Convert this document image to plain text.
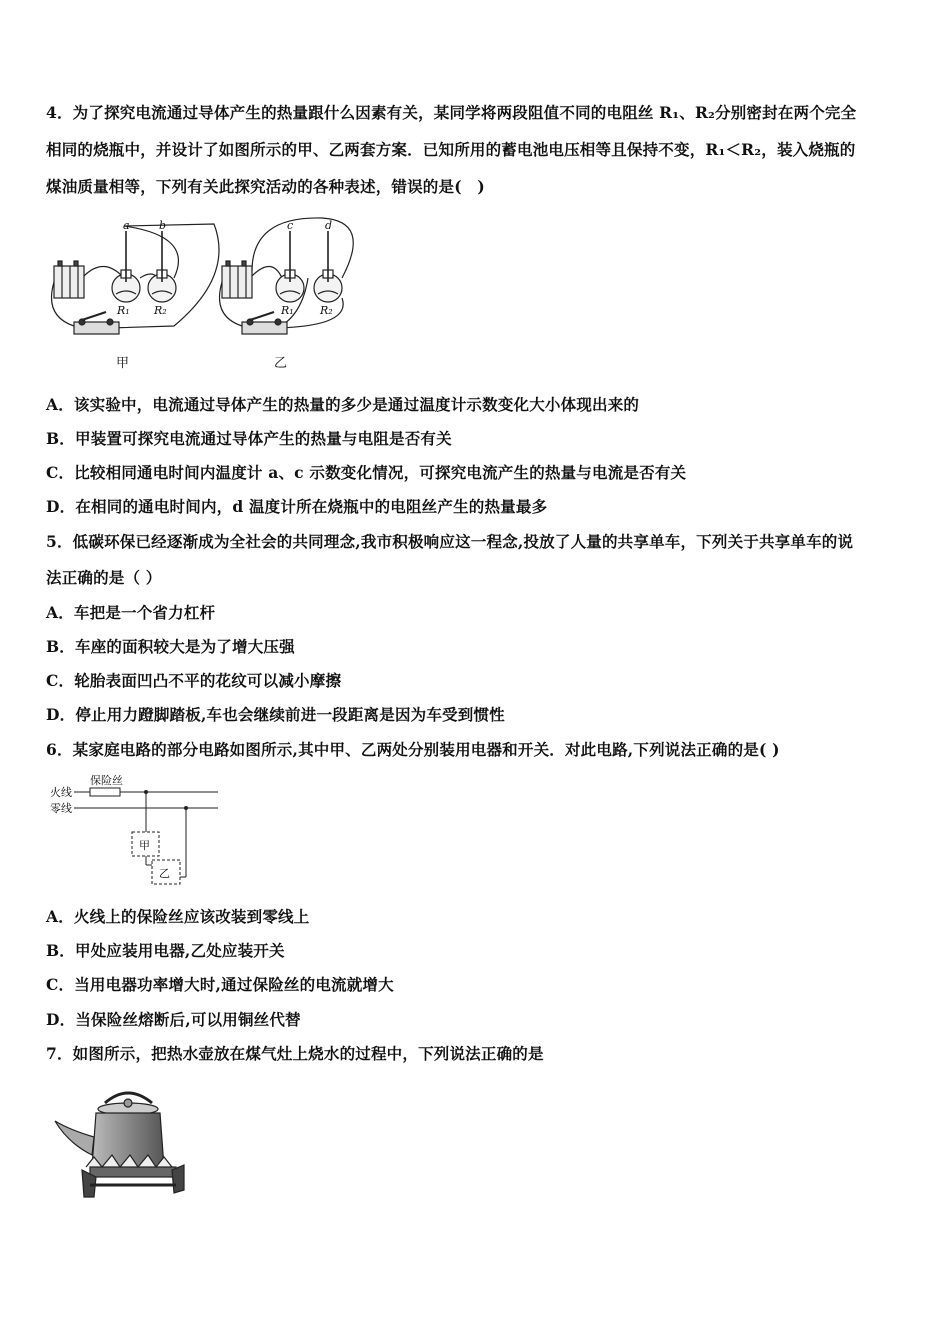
4．为了探究电流通过导体产生的热量跟什么因素有关，某同学将两段阻值不同的电阻丝 R₁、R₂分别密封在两个完全
相同的烧瓶中，并设计了如图所示的甲、乙两套方案．已知所用的蓄电池电压相等且保持不变，R₁＜R₂，装入烧瓶的
煤油质量相等，下列有关此探究活动的各种表述，错误的是(　)
a	b
R₁ R₂
c	d
R₁ R₂
甲	乙
A．该实验中，电流通过导体产生的热量的多少是通过温度计示数变化大小体现出来的
B．甲装置可探究电流通过导体产生的热量与电阻是否有关
C．比较相同通电时间内温度计 a、c 示数变化情况，可探究电流产生的热量与电流是否有关
D．在相同的通电时间内，d 温度计所在烧瓶中的电阻丝产生的热量最多
5．低碳环保已经逐渐成为全社会的共同理念,我市积极响应这一程念,投放了人量的共享单车，下列关于共享单车的说
法正确的是（ ）
A．车把是一个省力杠杆
B．车座的面积较大是为了增大压强
C．轮胎表面凹凸不平的花纹可以减小摩擦
D．停止用力蹬脚踏板,车也会继续前进一段距离是因为车受到惯性
6．某家庭电路的部分电路如图所示,其中甲、乙两处分别装用电器和开关．对此电路,下列说法正确的是( )
保险丝
火线
零线
甲
乙
A．火线上的保险丝应该改装到零线上
B．甲处应装用电器,乙处应装开关
C．当用电器功率增大时,通过保险丝的电流就增大
D．当保险丝熔断后,可以用铜丝代替
7．如图所示，把热水壶放在煤气灶上烧水的过程中，下列说法正确的是
